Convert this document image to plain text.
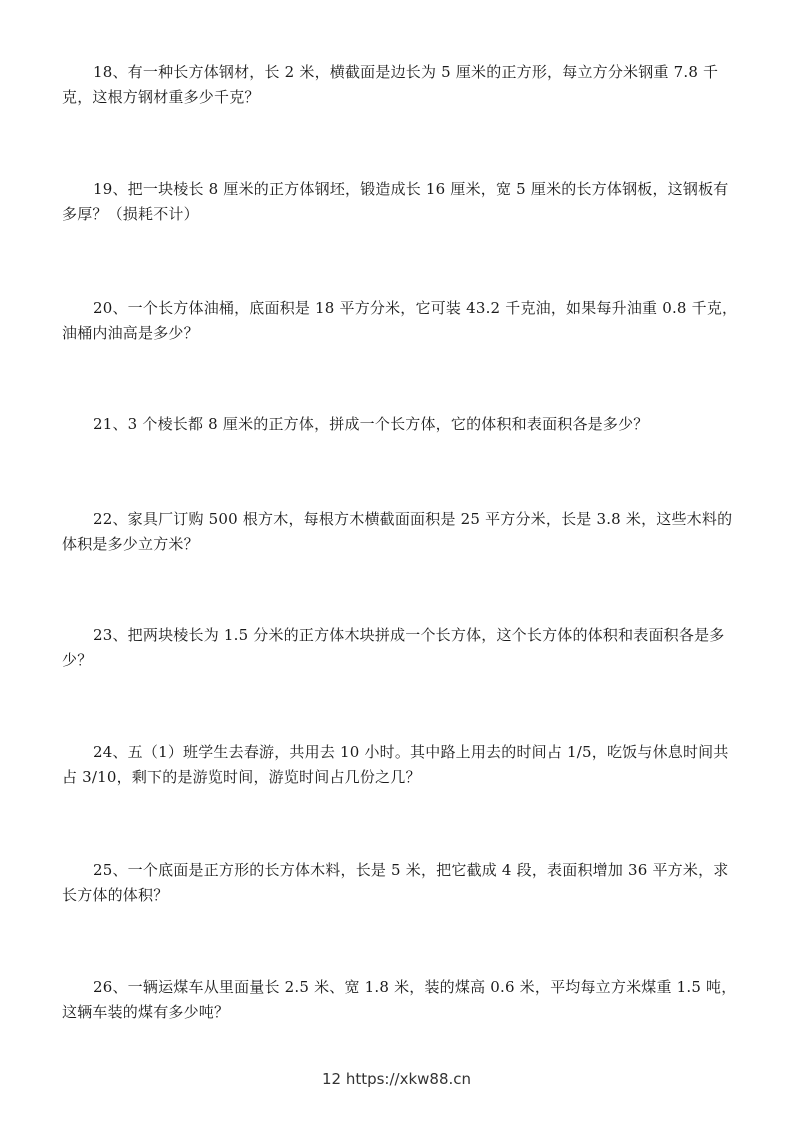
18、有一种长方体钢材，长 2 米，横截面是边长为 5 厘米的正方形，每立方分米钢重 7.8 千克，这根方钢材重多少千克？

19、把一块棱长 8 厘米的正方体钢坯，锻造成长 16 厘米，宽 5 厘米的长方体钢板，这钢板有多厚？（损耗不计）

20、一个长方体油桶，底面积是 18 平方分米，它可装 43.2 千克油，如果每升油重 0.8 千克，油桶内油高是多少？

21、3 个棱长都 8 厘米的正方体，拼成一个长方体，它的体积和表面积各是多少？

22、家具厂订购 500 根方木，每根方木横截面面积是 25 平方分米，长是 3.8 米，这些木料的体积是多少立方米？

23、把两块棱长为 1.5 分米的正方体木块拼成一个长方体，这个长方体的体积和表面积各是多少？

24、五（1）班学生去春游，共用去 10 小时。其中路上用去的时间占 1/5，吃饭与休息时间共占 3/10，剩下的是游览时间，游览时间占几份之几？

25、一个底面是正方形的长方体木料，长是 5 米，把它截成 4 段，表面积增加 36 平方米，求长方体的体积？

26、一辆运煤车从里面量长 2.5 米、宽 1.8 米，装的煤高 0.6 米，平均每立方米煤重 1.5 吨，这辆车装的煤有多少吨？

12 https://xkw88.cn
